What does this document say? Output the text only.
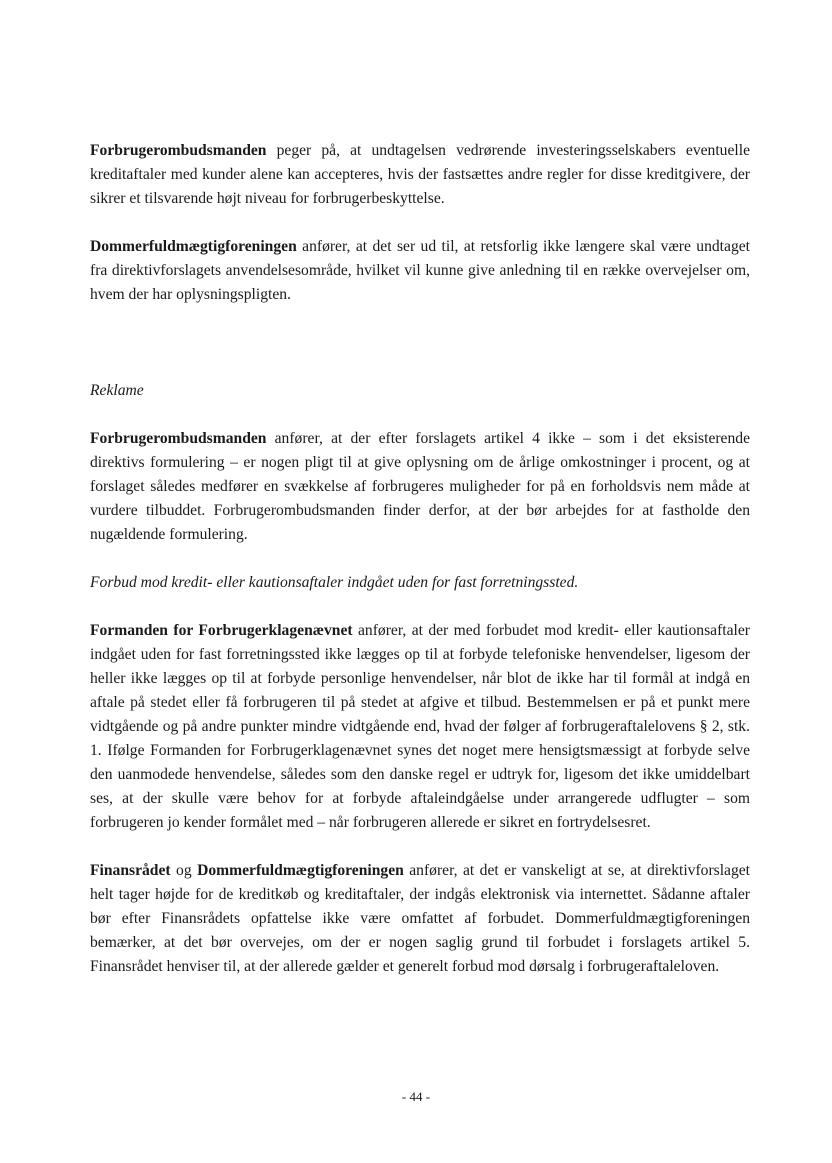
Forbrugerombudsmanden peger på, at undtagelsen vedrørende investeringsselskabers eventuelle kreditaftaler med kunder alene kan accepteres, hvis der fastsættes andre regler for disse kreditgivere, der sikrer et tilsvarende højt niveau for forbrugerbeskyttelse.

Dommerfuldmægtigforeningen anfører, at det ser ud til, at retsforlig ikke længere skal være undtaget fra direktivforslagets anvendelsesområde, hvilket vil kunne give anledning til en række overvejelser om, hvem der har oplysningspligten.

Reklame

Forbrugerombudsmanden anfører, at der efter forslagets artikel 4 ikke – som i det eksisterende direktivs formulering – er nogen pligt til at give oplysning om de årlige omkostninger i procent, og at forslaget således medfører en svækkelse af forbrugeres muligheder for på en forholdsvis nem måde at vurdere tilbuddet. Forbrugerombudsmanden finder derfor, at der bør arbejdes for at fastholde den nugældende formulering.

Forbud mod kredit- eller kautionsaftaler indgået uden for fast forretningssted.

Formanden for Forbrugerklagenævnet anfører, at der med forbudet mod kredit- eller kautionsaftaler indgået uden for fast forretningssted ikke lægges op til at forbyde telefoniske henvendelser, ligesom der heller ikke lægges op til at forbyde personlige henvendelser, når blot de ikke har til formål at indgå en aftale på stedet eller få forbrugeren til på stedet at afgive et tilbud. Bestemmelsen er på et punkt mere vidtgående og på andre punkter mindre vidtgående end, hvad der følger af forbrugeraftalelovens § 2, stk. 1. Ifølge Formanden for Forbrugerklagenævnet synes det noget mere hensigtsmæssigt at forbyde selve den uanmodede henvendelse, således som den danske regel er udtryk for, ligesom det ikke umiddelbart ses, at der skulle være behov for at forbyde aftaleindgåelse under arrangerede udflugter – som forbrugeren jo kender formålet med – når forbrugeren allerede er sikret en fortrydelsesret.

Finansrådet og Dommerfuldmægtigforeningen anfører, at det er vanskeligt at se, at direktivforslaget helt tager højde for de kreditkøb og kreditaftaler, der indgås elektronisk via internettet. Sådanne aftaler bør efter Finansrådets opfattelse ikke være omfattet af forbudet. Dommerfuldmægtigforeningen bemærker, at det bør overvejes, om der er nogen saglig grund til forbudet i forslagets artikel 5. Finansrådet henviser til, at der allerede gælder et generelt forbud mod dørsalg i forbrugeraftaleloven.

- 44 -
